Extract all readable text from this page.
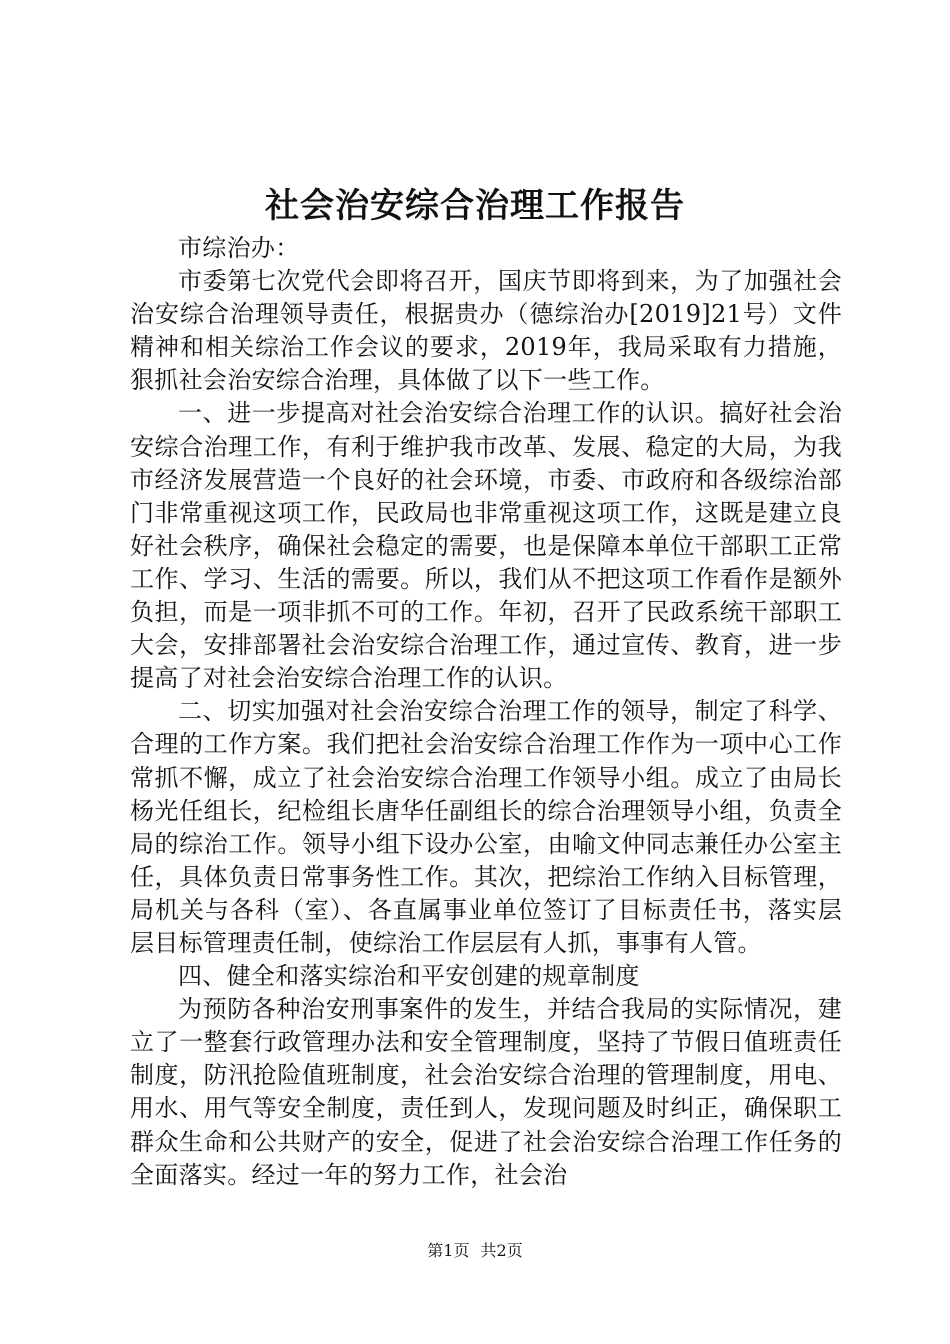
社会治安综合治理工作报告

市综治办：

市委第七次党代会即将召开，国庆节即将到来，为了加强社会治安综合治理领导责任，根据贵办（德综治办[2019]21号）文件精神和相关综治工作会议的要求，2019年，我局采取有力措施，狠抓社会治安综合治理，具体做了以下一些工作。

一、进一步提高对社会治安综合治理工作的认识。搞好社会治安综合治理工作，有利于维护我市改革、发展、稳定的大局，为我市经济发展营造一个良好的社会环境，市委、市政府和各级综治部门非常重视这项工作，民政局也非常重视这项工作，这既是建立良好社会秩序，确保社会稳定的需要，也是保障本单位干部职工正常工作、学习、生活的需要。所以，我们从不把这项工作看作是额外负担，而是一项非抓不可的工作。年初，召开了民政系统干部职工大会，安排部署社会治安综合治理工作，通过宣传、教育，进一步提高了对社会治安综合治理工作的认识。

二、切实加强对社会治安综合治理工作的领导，制定了科学、合理的工作方案。我们把社会治安综合治理工作作为一项中心工作常抓不懈，成立了社会治安综合治理工作领导小组。成立了由局长杨光任组长，纪检组长唐华任副组长的综合治理领导小组，负责全局的综治工作。领导小组下设办公室，由喻文仲同志兼任办公室主任，具体负责日常事务性工作。其次，把综治工作纳入目标管理，局机关与各科（室）、各直属事业单位签订了目标责任书，落实层层目标管理责任制，使综治工作层层有人抓，事事有人管。

四、健全和落实综治和平安创建的规章制度

为预防各种治安刑事案件的发生，并结合我局的实际情况，建立了一整套行政管理办法和安全管理制度，坚持了节假日值班责任制度，防汛抢险值班制度，社会治安综合治理的管理制度，用电、用水、用气等安全制度，责任到人，发现问题及时纠正，确保职工群众生命和公共财产的安全，促进了社会治安综合治理工作任务的全面落实。经过一年的努力工作，社会治

第1页 共2页
